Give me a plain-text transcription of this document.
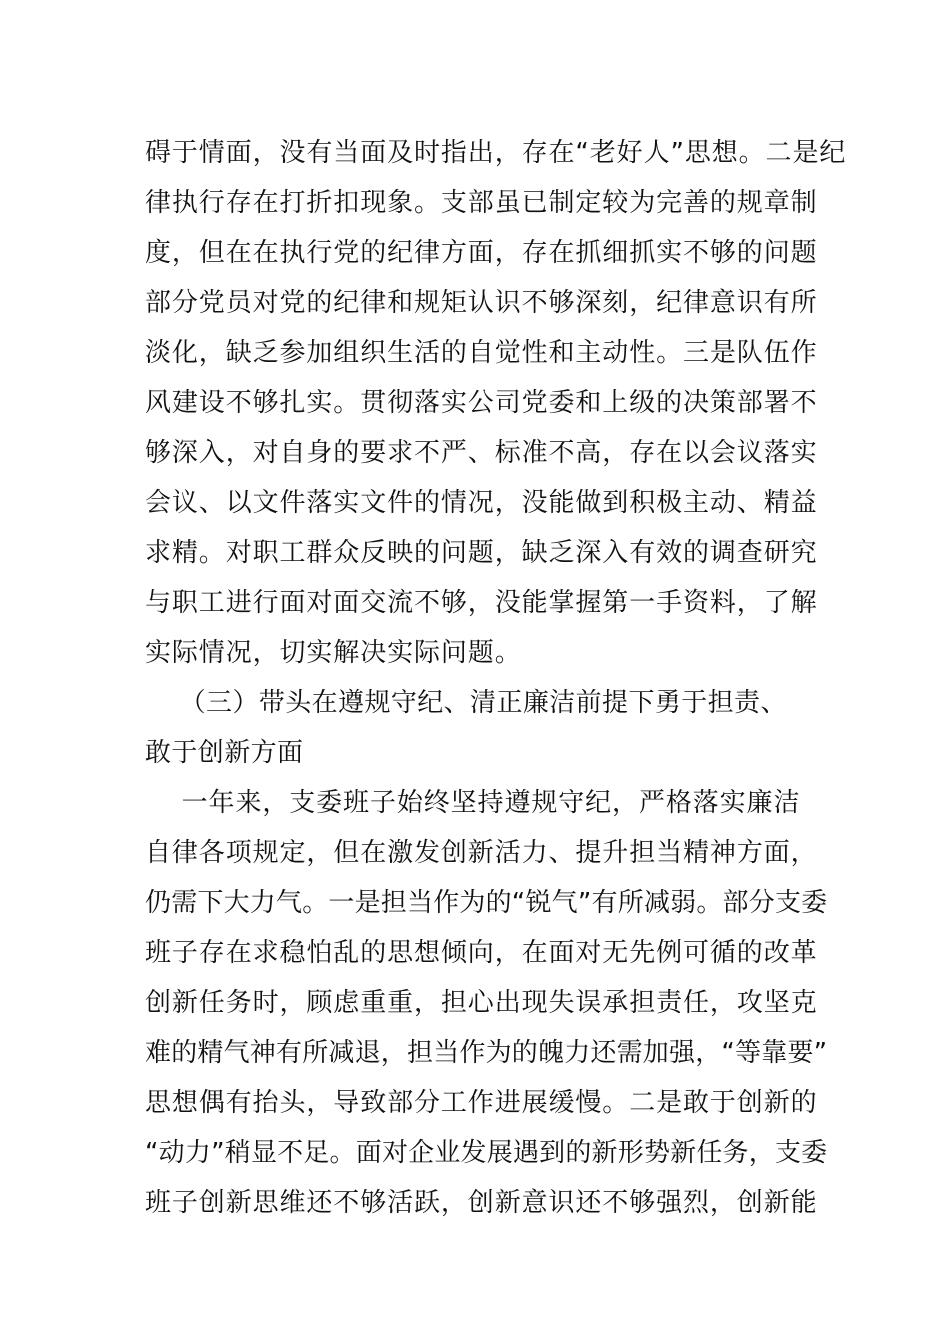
碍于情面，没有当面及时指出，存在“老好人”思想。二是纪
律执行存在打折扣现象。支部虽已制定较为完善的规章制
度，但在在执行党的纪律方面，存在抓细抓实不够的问题
部分党员对党的纪律和规矩认识不够深刻，纪律意识有所
淡化，缺乏参加组织生活的自觉性和主动性。三是队伍作
风建设不够扎实。贯彻落实公司党委和上级的决策部署不
够深入，对自身的要求不严、标准不高，存在以会议落实
会议、以文件落实文件的情况，没能做到积极主动、精益
求精。对职工群众反映的问题，缺乏深入有效的调查研究
与职工进行面对面交流不够，没能掌握第一手资料，了解
实际情况，切实解决实际问题。
（三）带头在遵规守纪、清正廉洁前提下勇于担责、
敢于创新方面
一年来，支委班子始终坚持遵规守纪，严格落实廉洁
自律各项规定，但在激发创新活力、提升担当精神方面，
仍需下大力气。一是担当作为的“锐气”有所减弱。部分支委
班子存在求稳怕乱的思想倾向，在面对无先例可循的改革
创新任务时，顾虑重重，担心出现失误承担责任，攻坚克
难的精气神有所减退，担当作为的魄力还需加强，“等靠要”
思想偶有抬头，导致部分工作进展缓慢。二是敢于创新的
“动力”稍显不足。面对企业发展遇到的新形势新任务，支委
班子创新思维还不够活跃，创新意识还不够强烈，创新能
